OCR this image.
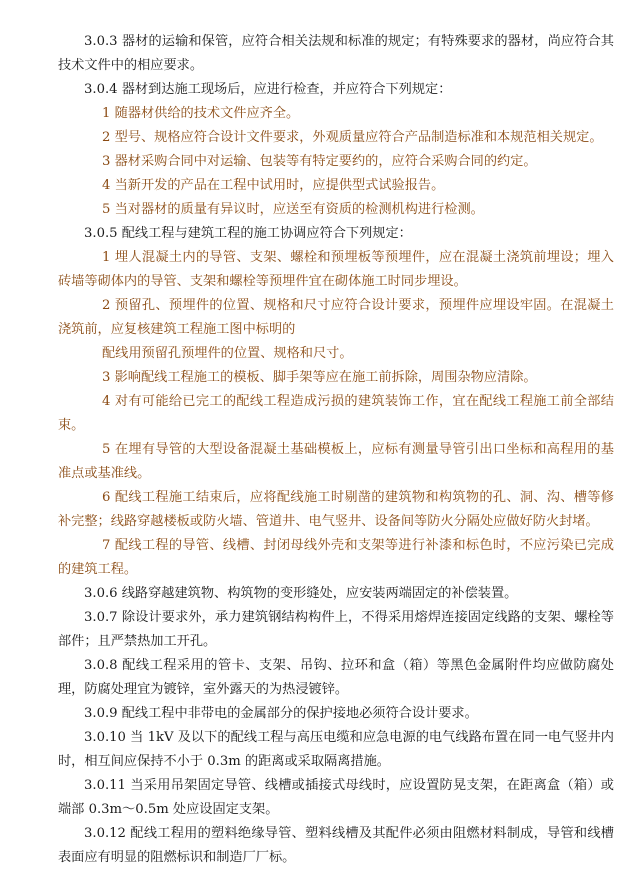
3.0.3 器材的运输和保管，应符合相关法规和标准的规定；有特殊要求的器材，尚应符合其技术文件中的相应要求。

3.0.4 器材到达施工现场后，应进行检查，并应符合下列规定：

1 随器材供给的技术文件应齐全。

2 型号、规格应符合设计文件要求，外观质量应符合产品制造标准和本规范相关规定。

3 器材采购合同中对运输、包装等有特定要约的，应符合采购合同的约定。

4 当新开发的产品在工程中试用时，应提供型式试验报告。

5 当对器材的质量有异议时，应送至有资质的检测机构进行检测。

3.0.5 配线工程与建筑工程的施工协调应符合下列规定：

1 埋人混凝土内的导管、支架、螺栓和预埋板等预埋件，应在混凝土浇筑前埋设；埋入砖墙等砌体内的导管、支架和螺栓等预埋件宜在砌体施工时同步埋设。

2 预留孔、预埋件的位置、规格和尺寸应符合设计要求，预埋件应埋设牢固。在混凝土浇筑前，应复核建筑工程施工图中标明的

配线用预留孔预埋件的位置、规格和尺寸。

3 影响配线工程施工的模板、脚手架等应在施工前拆除，周围杂物应清除。

4 对有可能给已完工的配线工程造成污损的建筑装饰工作，宜在配线工程施工前全部结束。

5 在埋有导管的大型设备混凝土基础模板上，应标有测量导管引出口坐标和高程用的基准点或基准线。

6 配线工程施工结束后，应将配线施工时剔凿的建筑物和构筑物的孔、洞、沟、槽等修补完整；线路穿越楼板或防火墙、管道井、电气竖井、设备间等防火分隔处应做好防火封堵。

7 配线工程的导管、线槽、封闭母线外壳和支架等进行补漆和标色时，不应污染已完成的建筑工程。

3.0.6 线路穿越建筑物、构筑物的变形缝处，应安装两端固定的补偿装置。

3.0.7 除设计要求外，承力建筑钢结构构件上，不得采用熔焊连接固定线路的支架、螺栓等部件；且严禁热加工开孔。

3.0.8 配线工程采用的管卡、支架、吊钩、拉环和盒（箱）等黑色金属附件均应做防腐处理，防腐处理宜为镀锌，室外露天的为热浸镀锌。

3.0.9 配线工程中非带电的金属部分的保护接地必须符合设计要求。

3.0.10 当 1kV 及以下的配线工程与高压电缆和应急电源的电气线路布置在同一电气竖井内时，相互间应保持不小于 0.3m 的距离或采取隔离措施。

3.0.11 当采用吊架固定导管、线槽或插接式母线时，应设置防晃支架，在距离盒（箱）或端部 0.3m～0.5m 处应设固定支架。

3.0.12 配线工程用的塑料绝缘导管、塑料线槽及其配件必须由阻燃材料制成，导管和线槽表面应有明显的阻燃标识和制造厂厂标。
